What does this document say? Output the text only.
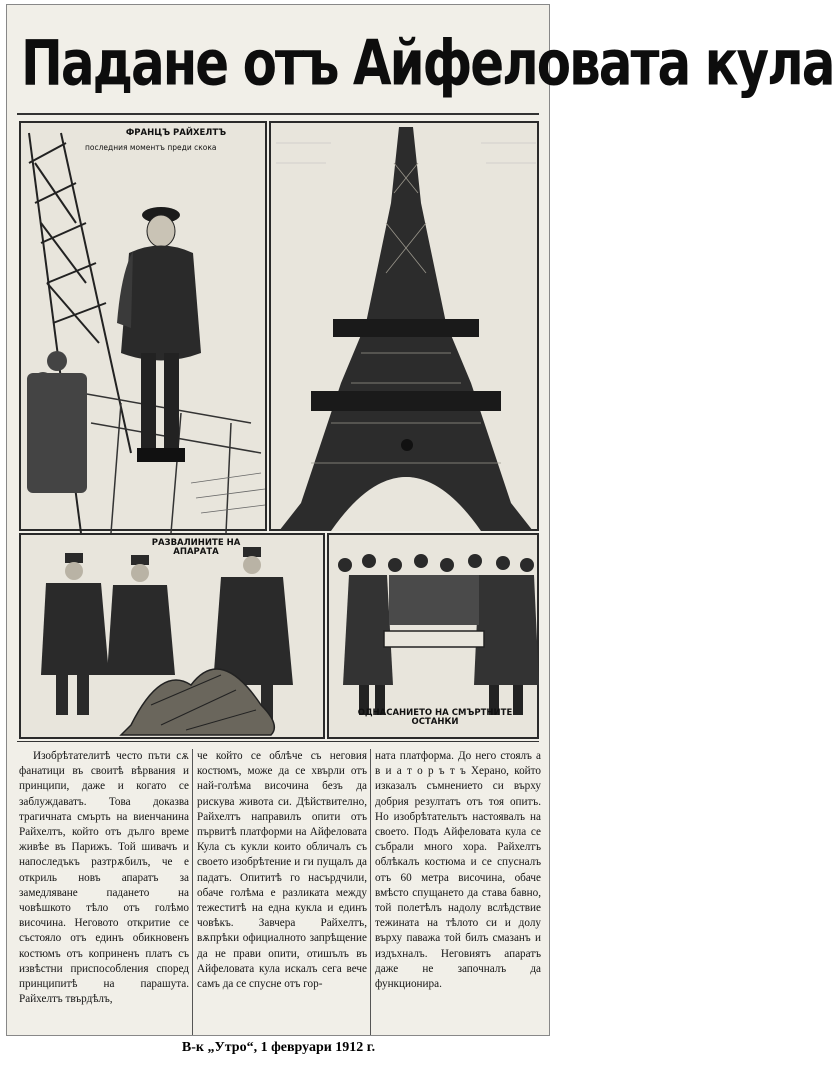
Падане отъ Айфеловата кула
ФРАНЦЪ РАЙХЕЛТЪ
последния моментъ преди скока
РАЗВАЛИНИТЕ НА АПАРАТА
ОДНАСАНИЕТО НА СМЪРТНИТЕ ОСТАНКИ

Изобрѣтателитѣ често пъти сѫ фанатици въ своитѣ вѣрвания и принципи, даже и когато се заблуждаватъ. Това доказва трагичната смърть на виенчанина Райхелтъ, който отъ дълго време живѣе въ Парижъ. Той шивачъ и напоследъкъ разтрѫбилъ, че е откриль новъ апаратъ за замедляване падането на човѣшкото тѣло отъ голѣмо височина. Неговото откритие се състояло отъ единъ обикновенъ костюмъ отъ коприненъ платъ съ извѣстни приспособления според принципитѣ на парашута. Райхелтъ твърдѣлъ,

че който се облѣче съ неговия костюмъ, може да се хвърли отъ най-голѣма височина безъ да рискува живота си. Дѣйствително, Райхелтъ направилъ опити отъ първитѣ платформи на Айфеловата Кула съ кукли които обличалъ съ своето изобрѣтение и ги пущалъ да падатъ. Опититѣ го насърдчили, обаче голѣма е разликата между тежеститѣ на една кукла и единъ човѣкъ. Завчера Райхелтъ, вѫпрѣки официалното запрѣщение да не прави опити, отишълъ въ Айфеловата кула искалъ сега вече самъ да се спусне отъ гор-

ната платформа. До него стоялъ а в и а т о р ъ т ъ Херано, който изказалъ съмнението си върху добрия резултатъ отъ тоя опитъ. Но изобрѣтательтъ настоявалъ на своето. Подъ Айфеловата кула се събрали много хора. Райхелтъ облѣкалъ костюма и се спусналъ отъ 60 метра височина, обаче вмѣсто спущането да става бавно, той полетѣлъ надолу вслѣдствие тежината на тѣлото си и долу върху паважа той билъ смазанъ и издъхналъ. Неговиятъ апаратъ даже не започналъ да функционира.

В-к „Утро“, 1 февруари 1912 г.
